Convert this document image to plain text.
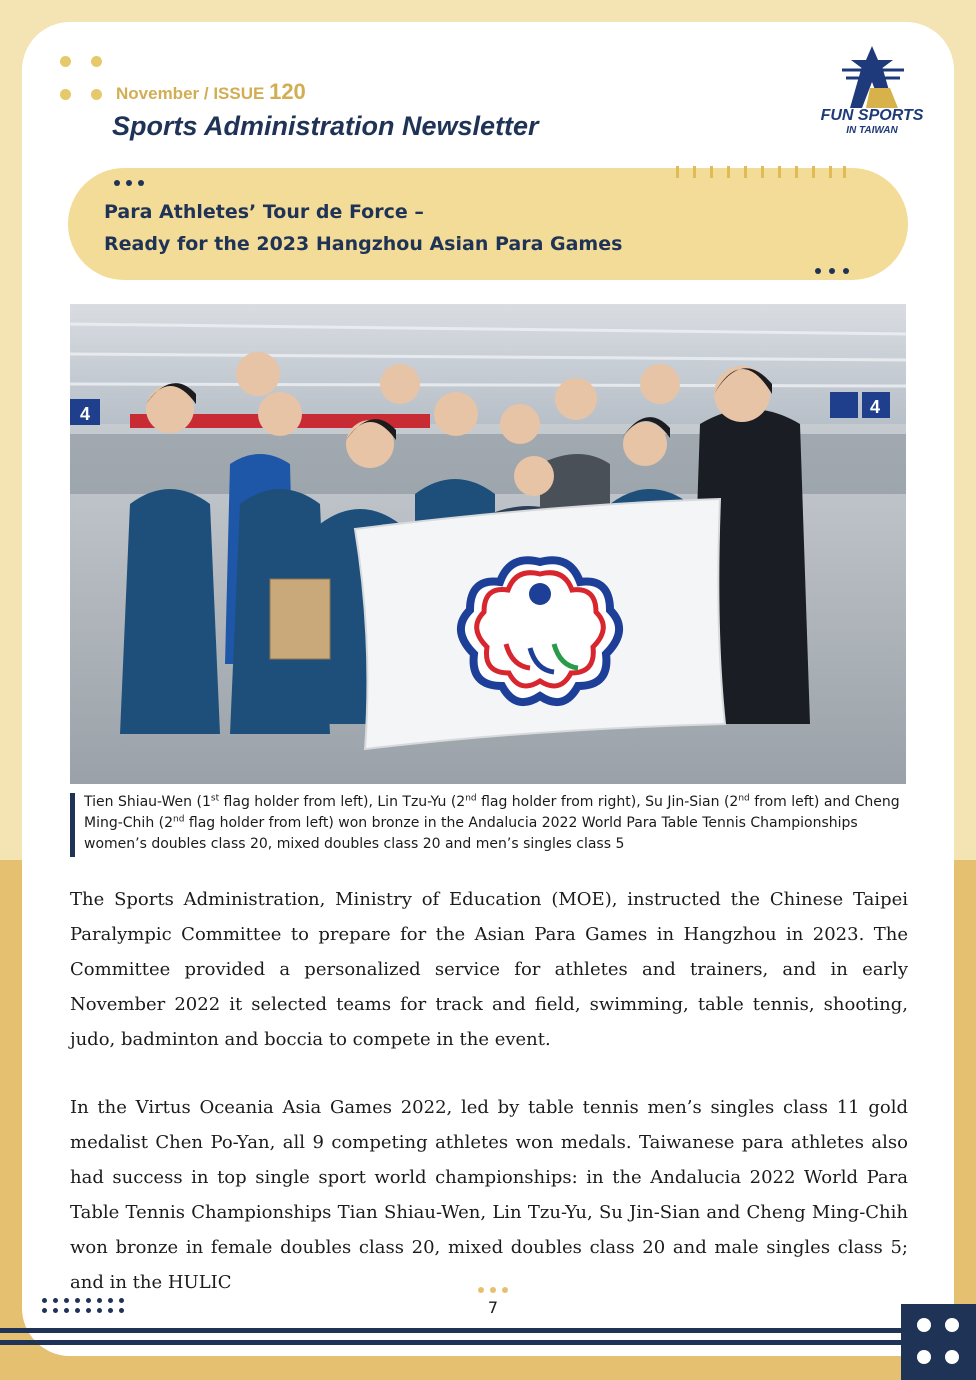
November / ISSUE 120
Sports Administration Newsletter	FUN SPORTS
IN TAIWAN
Para Athletes’ Tour de Force –
Ready for the 2023 Hangzhou Asian Para Games
4	4
Tien Shiau-Wen (1st flag holder from left), Lin Tzu-Yu (2nd flag holder from right), Su Jin-Sian (2nd from left) and Cheng Ming-Chih (2nd flag holder from left) won bronze in the Andalucia 2022 World Para Table Tennis Championships women’s doubles class 20, mixed doubles class 20 and men’s singles class 5
The Sports Administration, Ministry of Education (MOE), instructed the Chinese Taipei Paralympic Committee to prepare for the Asian Para Games in Hangzhou in 2023. The Committee provided a personalized service for athletes and trainers, and in early November 2022 it selected teams for track and field, swimming, table tennis, shooting, judo, badminton and boccia to compete in the event.
In the Virtus Oceania Asia Games 2022, led by table tennis men’s singles class 11 gold medalist Chen Po-Yan, all 9 competing athletes won medals. Taiwanese para athletes also had success in top single sport world championships: in the Andalucia 2022 World Para Table Tennis Championships Tian Shiau-Wen, Lin Tzu-Yu, Su Jin-Sian and Cheng Ming-Chih won bronze in female doubles class 20, mixed doubles class 20 and male singles class 5; and in the HULIC
7
